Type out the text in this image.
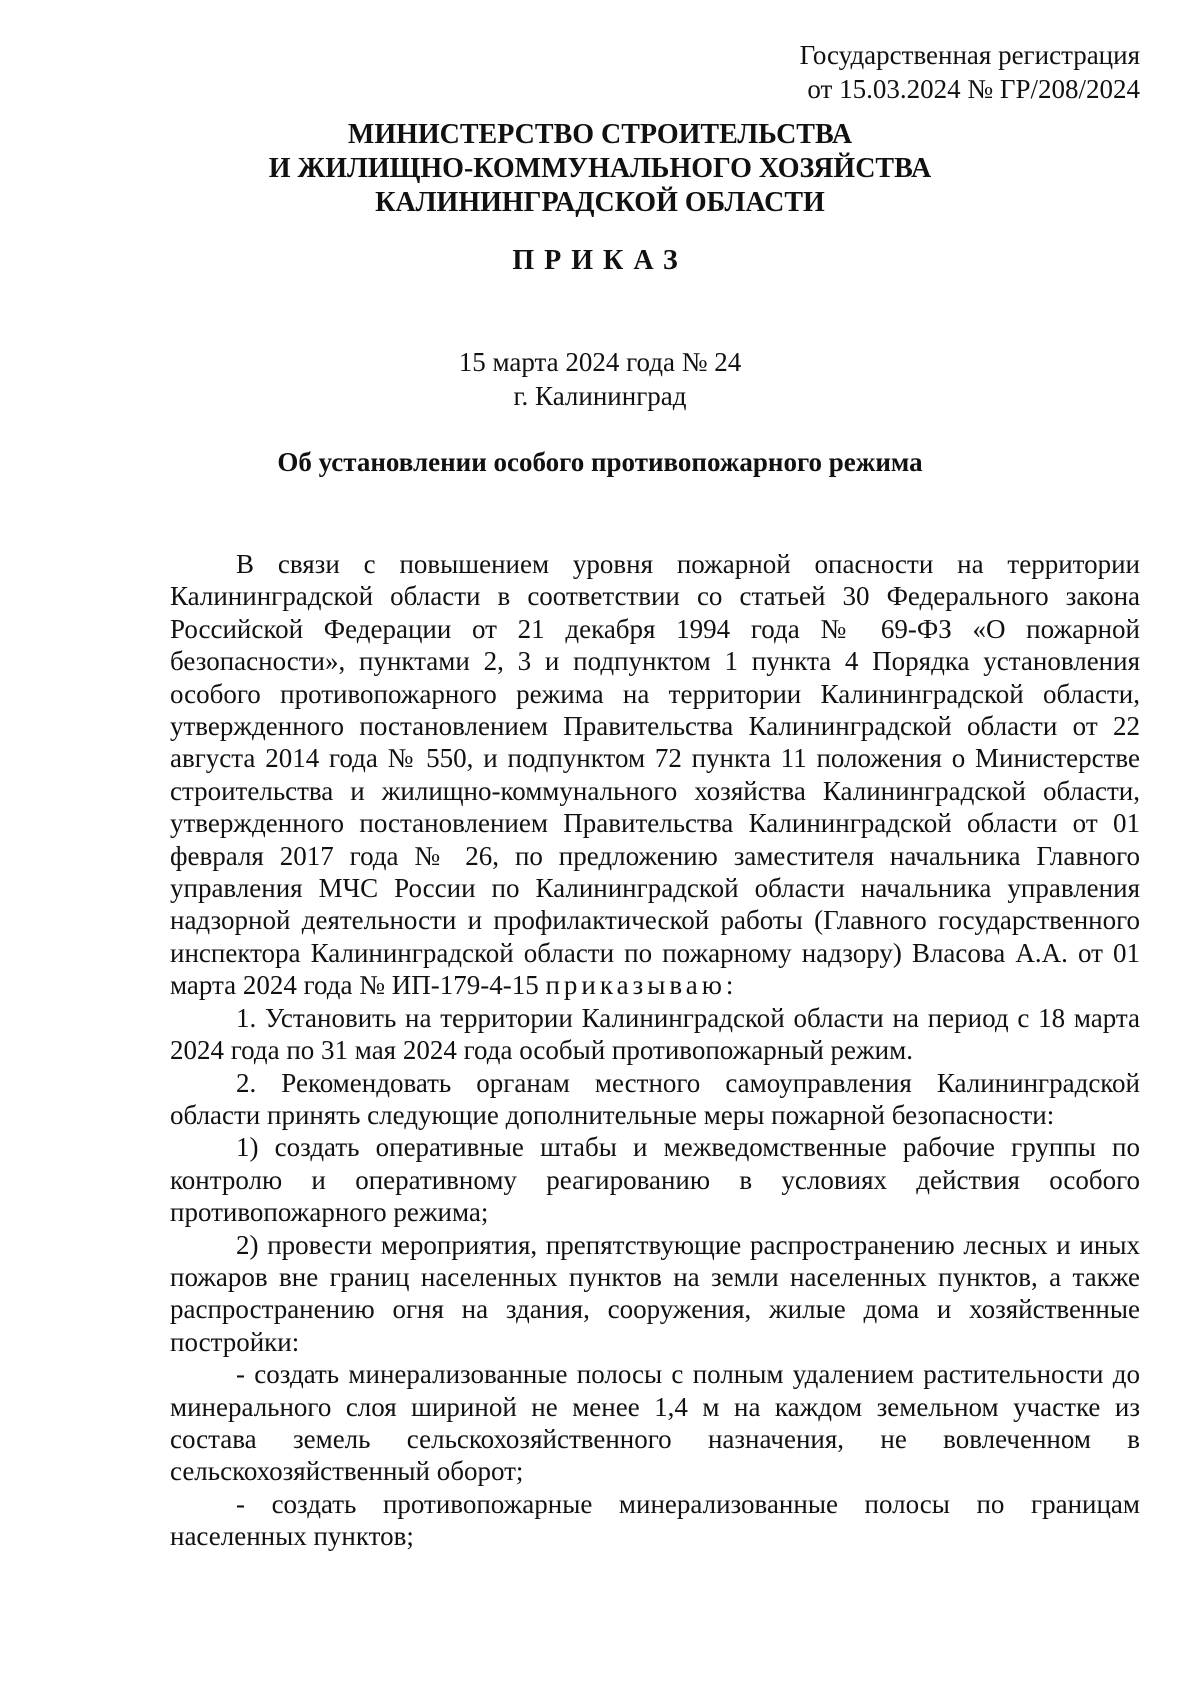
Государственная регистрация
от 15.03.2024 № ГР/208/2024
МИНИСТЕРСТВО СТРОИТЕЛЬСТВА
И ЖИЛИЩНО-КОММУНАЛЬНОГО ХОЗЯЙСТВА
КАЛИНИНГРАДСКОЙ ОБЛАСТИ
ПРИКАЗ
15 марта 2024 года № 24
г. Калининград
Об установлении особого противопожарного режима

В связи с повышением уровня пожарной опасности на территории Калининградской области в соответствии со статьей 30 Федерального закона Российской Федерации от 21 декабря 1994 года № 69-ФЗ «О пожарной безопасности», пунктами 2, 3 и подпунктом 1 пункта 4 Порядка установления особого противопожарного режима на территории Калининградской области, утвержденного постановлением Правительства Калининградской области от 22 августа 2014 года № 550, и подпунктом 72 пункта 11 положения о Министерстве строительства и жилищно-коммунального хозяйства Калининградской области, утвержденного постановлением Правительства Калининградской области от 01 февраля 2017 года № 26, по предложению заместителя начальника Главного управления МЧС России по Калининградской области начальника управления надзорной деятельности и профилактической работы (Главного государственного инспектора Калининградской области по пожарному надзору) Власова А.А. от 01 марта 2024 года № ИП-179-4-15 приказываю:

1. Установить на территории Калининградской области на период с 18 марта 2024 года по 31 мая 2024 года особый противопожарный режим.

2. Рекомендовать органам местного самоуправления Калининградской области принять следующие дополнительные меры пожарной безопасности:

1) создать оперативные штабы и межведомственные рабочие группы по контролю и оперативному реагированию в условиях действия особого противопожарного режима;

2) провести мероприятия, препятствующие распространению лесных и иных пожаров вне границ населенных пунктов на земли населенных пунктов, а также распространению огня на здания, сооружения, жилые дома и хозяйственные постройки:

- создать минерализованные полосы с полным удалением растительности до минерального слоя шириной не менее 1,4 м на каждом земельном участке из состава земель сельскохозяйственного назначения, не вовлеченном в сельскохозяйственный оборот;

- создать противопожарные минерализованные полосы по границам населенных пунктов;
